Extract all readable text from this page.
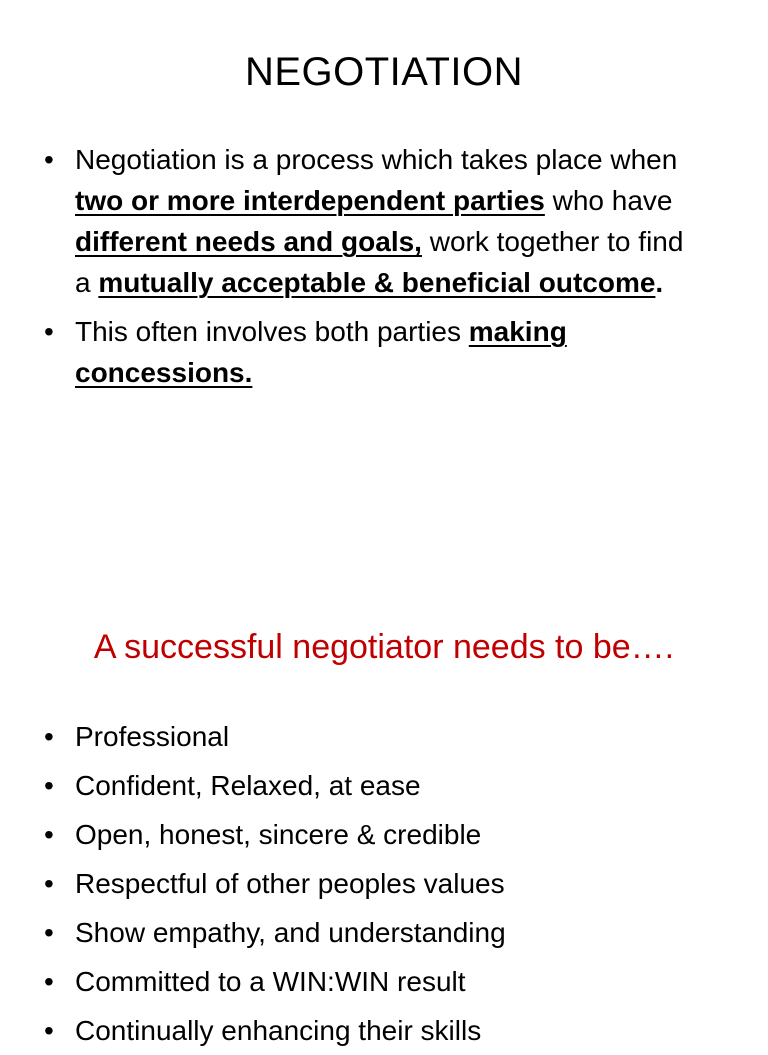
NEGOTIATION
• Negotiation is a process which takes place when two or more interdependent parties who have different needs and goals, work together to find a mutually acceptable & beneficial outcome.
• This often involves both parties making concessions.
A successful negotiator needs to be….
• Professional
• Confident, Relaxed, at ease
• Open, honest, sincere & credible
• Respectful of other peoples values
• Show empathy, and understanding
• Committed to a WIN:WIN result
• Continually enhancing their skills
